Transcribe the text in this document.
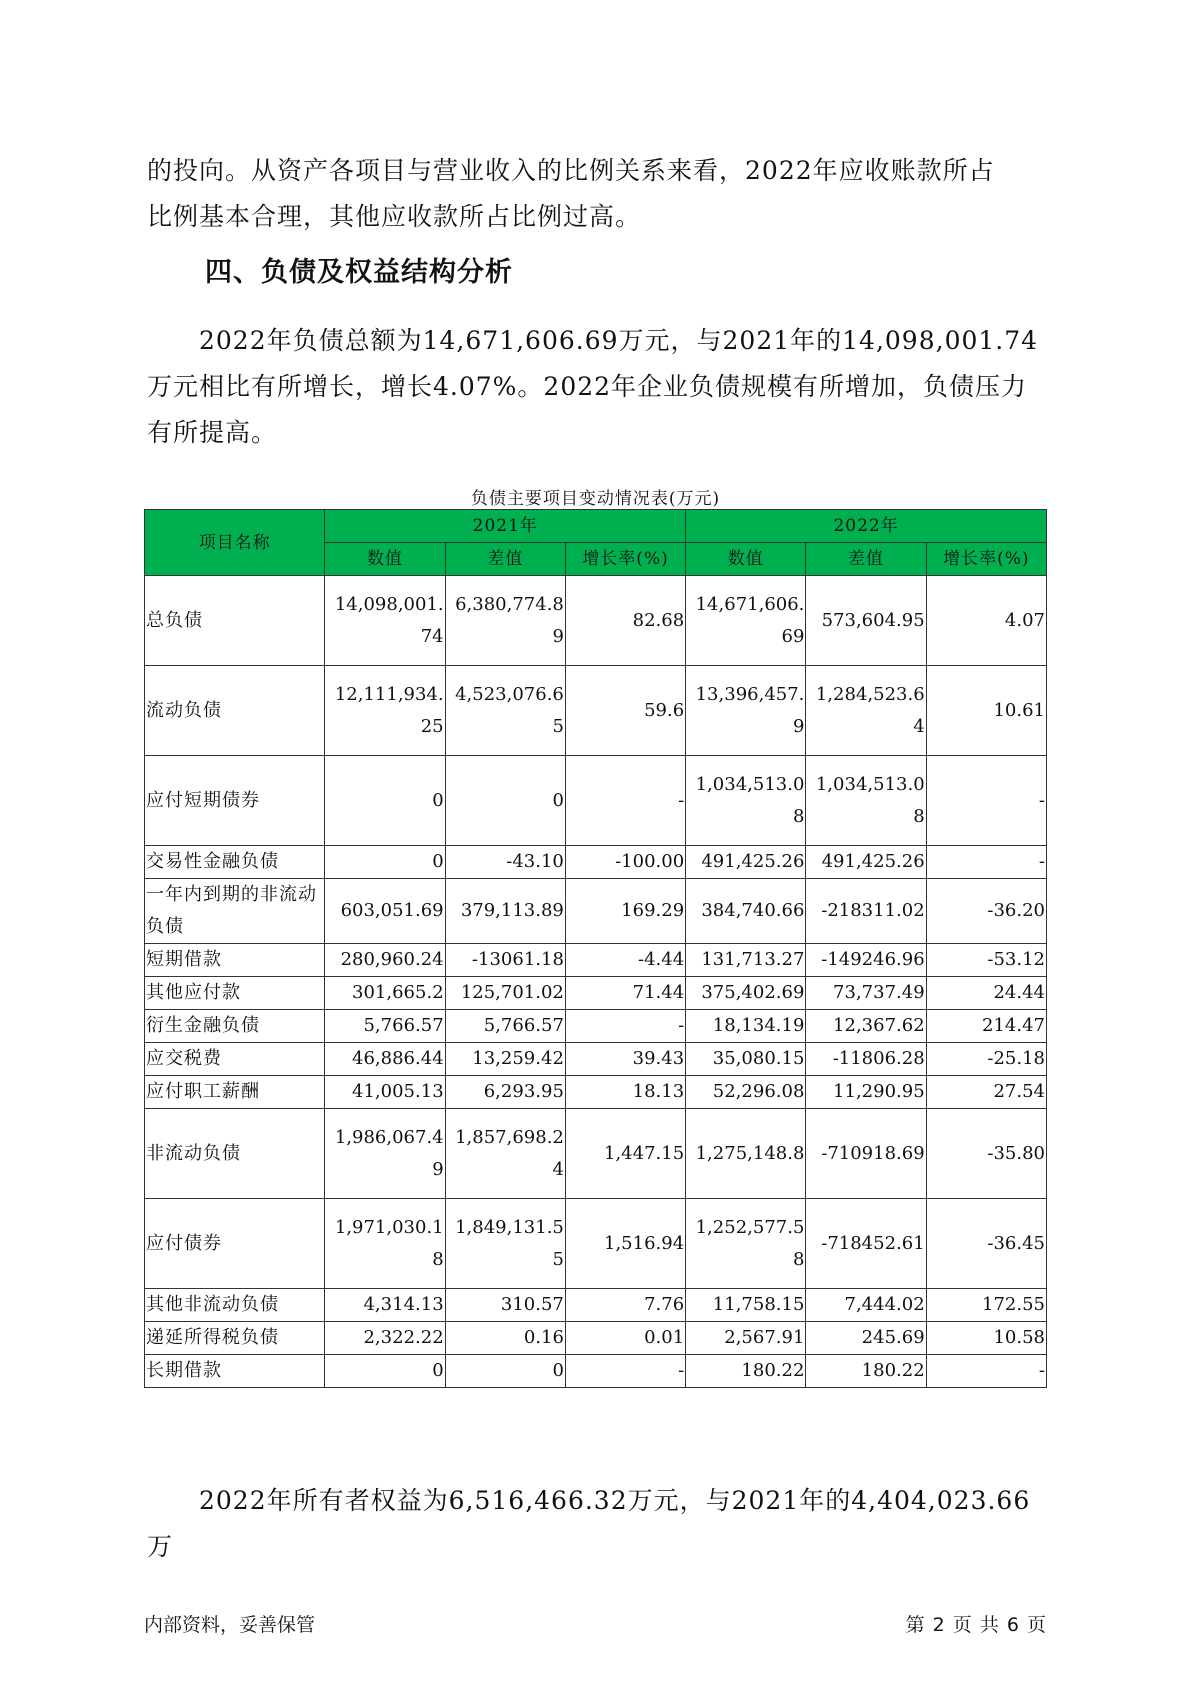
的投向。从资产各项目与营业收入的比例关系来看，2022年应收账款所占

比例基本合理，其他应收款所占比例过高。

四、负债及权益结构分析

2022年负债总额为14,671,606.69万元，与2021年的14,098,001.74万元相比有所增长，增长4.07%。2022年企业负债规模有所增加，负债压力有所提高。

负债主要项目变动情况表(万元)
项目名称	2021年			2022年		
	数值	差值	增长率(%)	数值	差值	增长率(%)
总负债	14,098,001.74	6,380,774.89	82.68	14,671,606.69	573,604.95	4.07
流动负债	12,111,934.25	4,523,076.65	59.6	13,396,457.9	1,284,523.64	10.61
应付短期债券	0	0	-	1,034,513.08	1,034,513.08	-
交易性金融负债	0	-43.10	-100.00	491,425.26	491,425.26	-
一年内到期的非流动负债	603,051.69	379,113.89	169.29	384,740.66	-218311.02	-36.20
短期借款	280,960.24	-13061.18	-4.44	131,713.27	-149246.96	-53.12
其他应付款	301,665.2	125,701.02	71.44	375,402.69	73,737.49	24.44
衍生金融负债	5,766.57	5,766.57	-	18,134.19	12,367.62	214.47
应交税费	46,886.44	13,259.42	39.43	35,080.15	-11806.28	-25.18
应付职工薪酬	41,005.13	6,293.95	18.13	52,296.08	11,290.95	27.54
非流动负债	1,986,067.49	1,857,698.24	1,447.15	1,275,148.8	-710918.69	-35.80
应付债券	1,971,030.18	1,849,131.55	1,516.94	1,252,577.58	-718452.61	-36.45
其他非流动负债	4,314.13	310.57	7.76	11,758.15	7,444.02	172.55
递延所得税负债	2,322.22	0.16	0.01	2,567.91	245.69	10.58
长期借款	0	0	-	180.22	180.22	-

2022年所有者权益为6,516,466.32万元，与2021年的4,404,023.66万

内部资料，妥善保管	第 2 页 共 6 页
